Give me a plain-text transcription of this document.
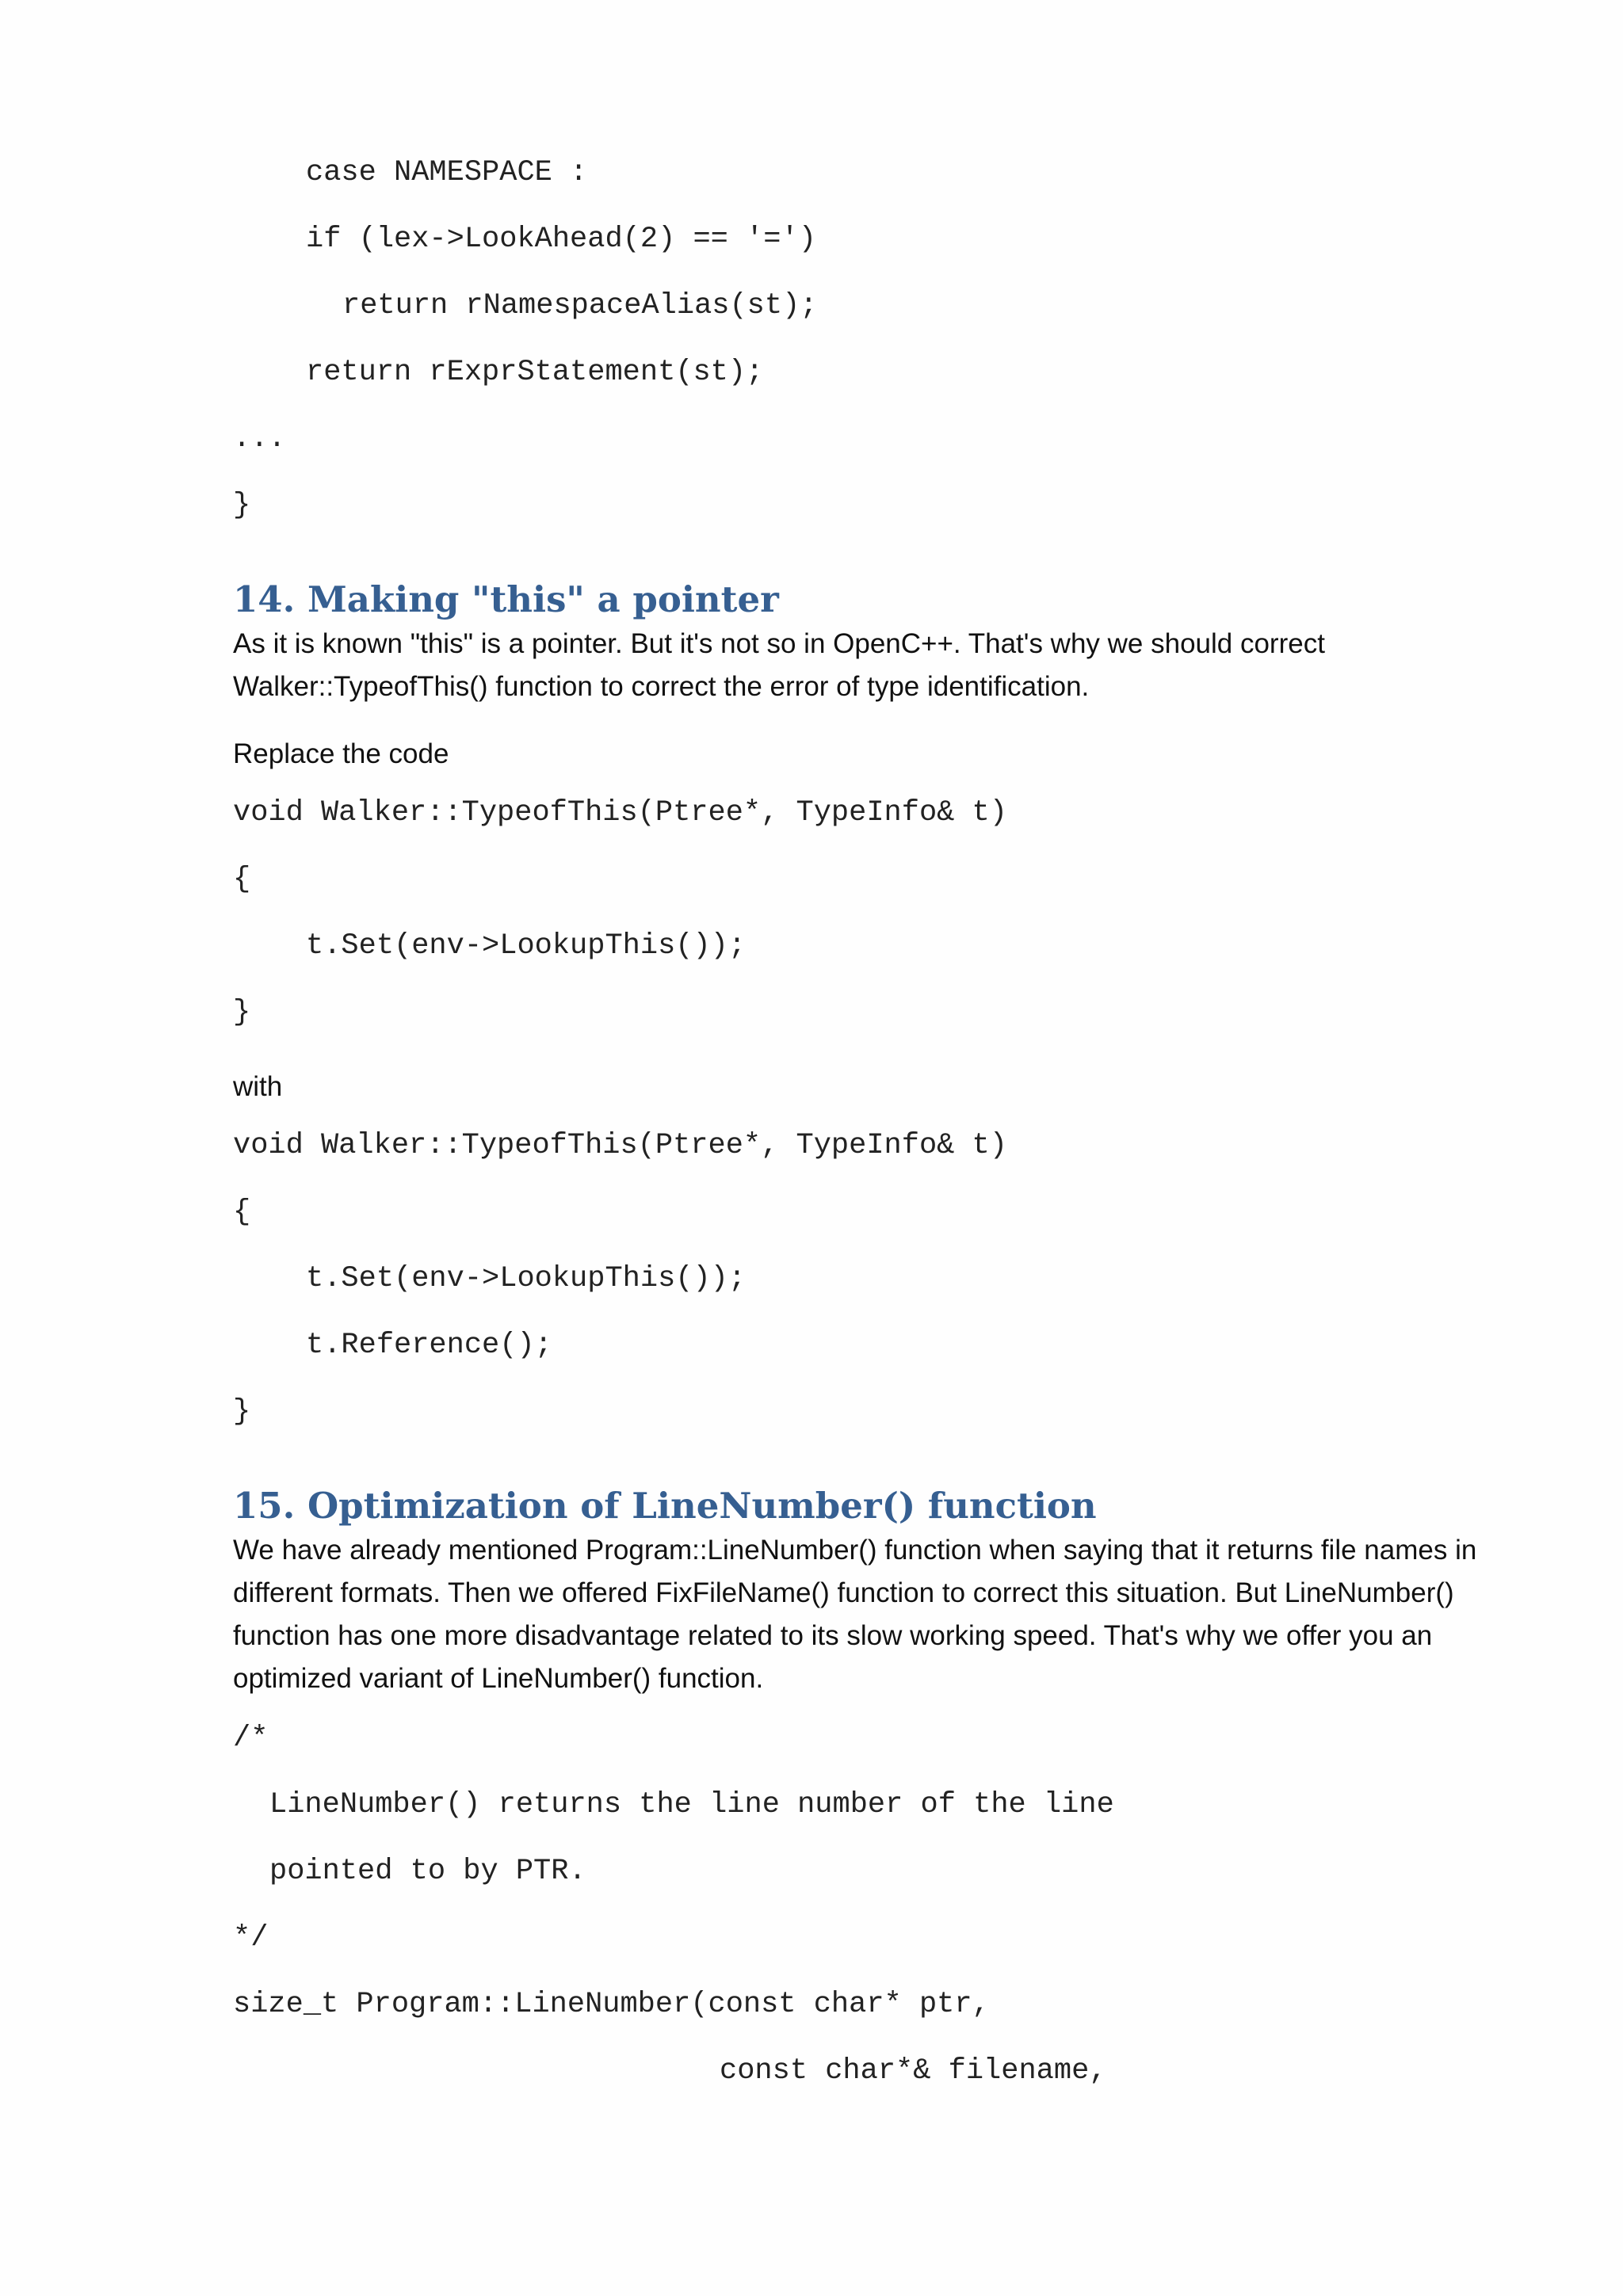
case NAMESPACE :
if (lex->LookAhead(2) == '=')
return rNamespaceAlias(st);
return rExprStatement(st);
...
}
14. Making "this" a pointer

As it is known "this" is a pointer. But it's not so in OpenC++. That's why we should correct Walker::TypeofThis() function to correct the error of type identification.

Replace the code
void Walker::TypeofThis(Ptree*, TypeInfo& t)
{
t.Set(env->LookupThis());
}
with
void Walker::TypeofThis(Ptree*, TypeInfo& t)
{
t.Set(env->LookupThis());
t.Reference();
}
15. Optimization of LineNumber() function

We have already mentioned Program::LineNumber() function when saying that it returns file names in different formats. Then we offered FixFileName() function to correct this situation. But LineNumber() function has one more disadvantage related to its slow working speed. That's why we offer you an optimized variant of LineNumber() function.

/*
LineNumber() returns the line number of the line
pointed to by PTR.
*/
size_t Program::LineNumber(const char* ptr,
const char*& filename,
